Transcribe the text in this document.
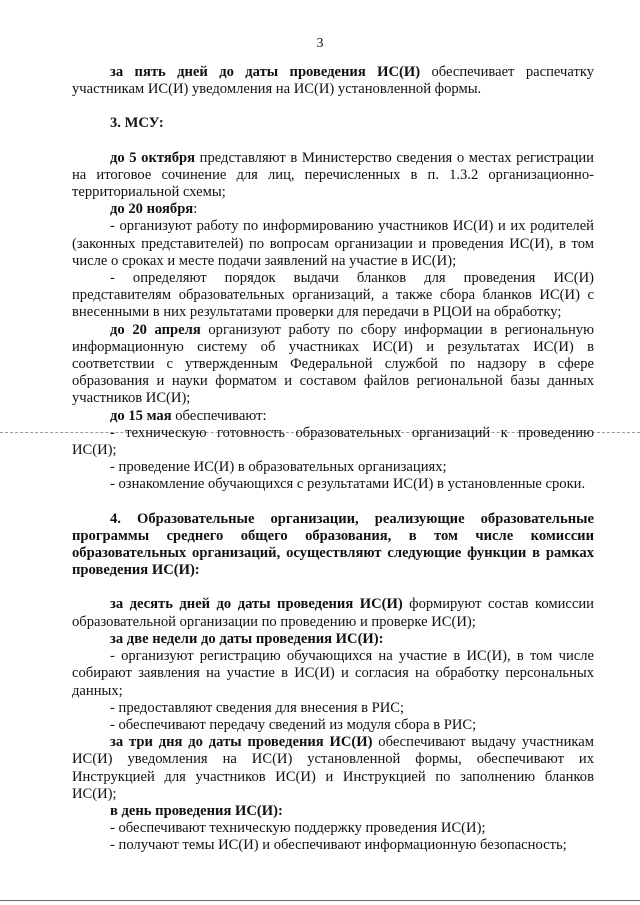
3

за пять дней до даты проведения ИС(И) обеспечивает распечатку участникам ИС(И) уведомления на ИС(И) установленной формы.

3. МСУ:

до 5 октября представляют в Министерство сведения о местах регистрации на итоговое сочинение для лиц, перечисленных в п. 1.3.2 организационно-территориальной схемы;

до 20 ноября:

- организуют работу по информированию участников ИС(И) и их родителей (законных представителей) по вопросам организации и проведения ИС(И), в том числе о сроках и месте подачи заявлений на участие в ИС(И);

- определяют порядок выдачи бланков для проведения ИС(И) представителям образовательных организаций, а также сбора бланков ИС(И) с внесенными в них результатами проверки для передачи в РЦОИ на обработку;

до 20 апреля организуют работу по сбору информации в региональную информационную систему об участниках ИС(И) и результатах ИС(И) в соответствии с утвержденным Федеральной службой по надзору в сфере образования и науки форматом и составом файлов региональной базы данных участников ИС(И);

до 15 мая обеспечивают:

- техническую готовность образовательных организаций к проведению ИС(И);

- проведение ИС(И) в образовательных организациях;

- ознакомление обучающихся с результатами ИС(И) в установленные сроки.

4. Образовательные организации, реализующие образовательные программы среднего общего образования, в том числе комиссии образовательных организаций, осуществляют следующие функции в рамках проведения ИС(И):

за десять дней до даты проведения ИС(И) формируют состав комиссии образовательной организации по проведению и проверке ИС(И);

за две недели до даты проведения ИС(И):

- организуют регистрацию обучающихся на участие в ИС(И), в том числе собирают заявления на участие в ИС(И) и согласия на обработку персональных данных;

- предоставляют сведения для внесения в РИС;

- обеспечивают передачу сведений из модуля сбора в РИС;

за три дня до даты проведения ИС(И) обеспечивают выдачу участникам ИС(И) уведомления на ИС(И) установленной формы, обеспечивают их Инструкцией для участников ИС(И) и Инструкцией по заполнению бланков ИС(И);

в день проведения ИС(И):

- обеспечивают техническую поддержку проведения ИС(И);

- получают темы ИС(И) и обеспечивают информационную безопасность;
